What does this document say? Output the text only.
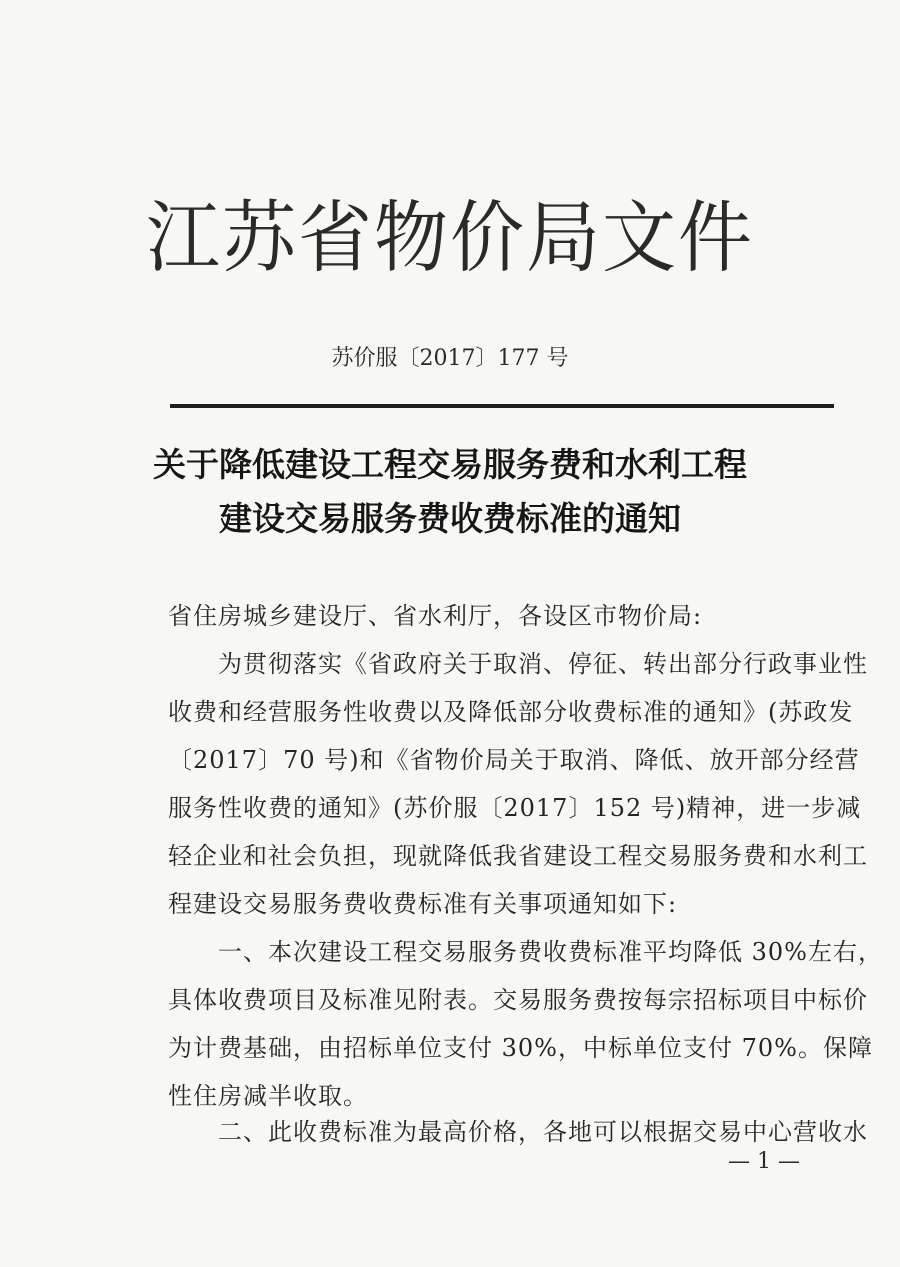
江苏省物价局文件
苏价服〔2017〕177 号
关于降低建设工程交易服务费和水利工程
建设交易服务费收费标准的通知
省住房城乡建设厅、省水利厅，各设区市物价局:
为贯彻落实《省政府关于取消、停征、转出部分行政事业性
收费和经营服务性收费以及降低部分收费标准的通知》(苏政发
〔2017〕70 号)和《省物价局关于取消、降低、放开部分经营
服务性收费的通知》(苏价服〔2017〕152 号)精神，进一步减
轻企业和社会负担，现就降低我省建设工程交易服务费和水利工
程建设交易服务费收费标准有关事项通知如下:
一、本次建设工程交易服务费收费标准平均降低 30%左右，
具体收费项目及标准见附表。交易服务费按每宗招标项目中标价
为计费基础，由招标单位支付 30%，中标单位支付 70%。保障
性住房减半收取。
二、此收费标准为最高价格，各地可以根据交易中心营收水
— 1 —
